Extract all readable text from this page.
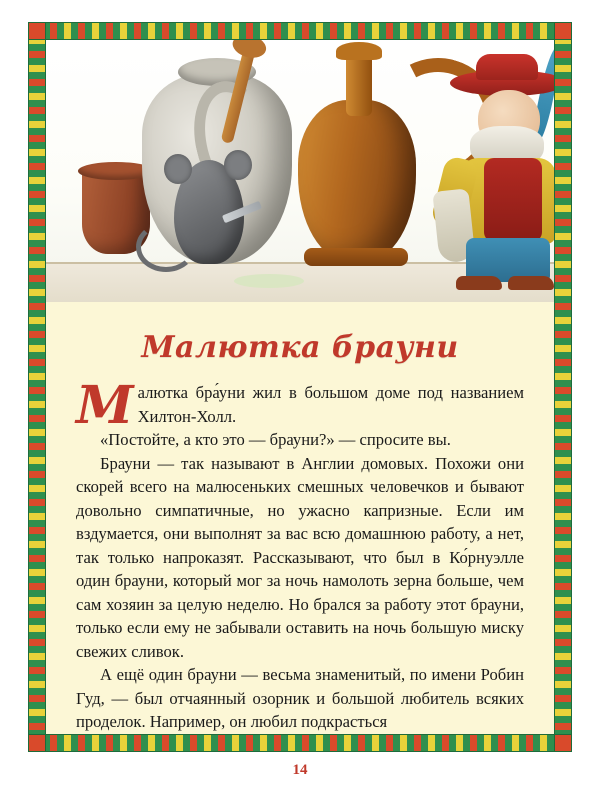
Малютка брауни

Малютка бра́уни жил в большом доме под названием Хилтон-Холл.

«Постойте, а кто это — брауни?» — спросите вы.

Брауни — так называют в Англии домовых. Похожи они скорей всего на малюсеньких смешных человечков и бывают довольно симпатичные, но ужасно капризные. Если им вздумается, они выполнят за вас всю домашнюю работу, а нет, так только напроказят. Рассказывают, что был в Ко́рнуэлле один брауни, который мог за ночь намолоть зерна больше, чем сам хозяин за целую неделю. Но брался за работу этот брауни, только если ему не забывали оставить на ночь большую миску свежих сливок.

А ещё один брауни — весьма знаменитый, по имени Робин Гуд, — был отчаянный озорник и большой любитель всяких проделок. Например, он любил подкрасться

14
